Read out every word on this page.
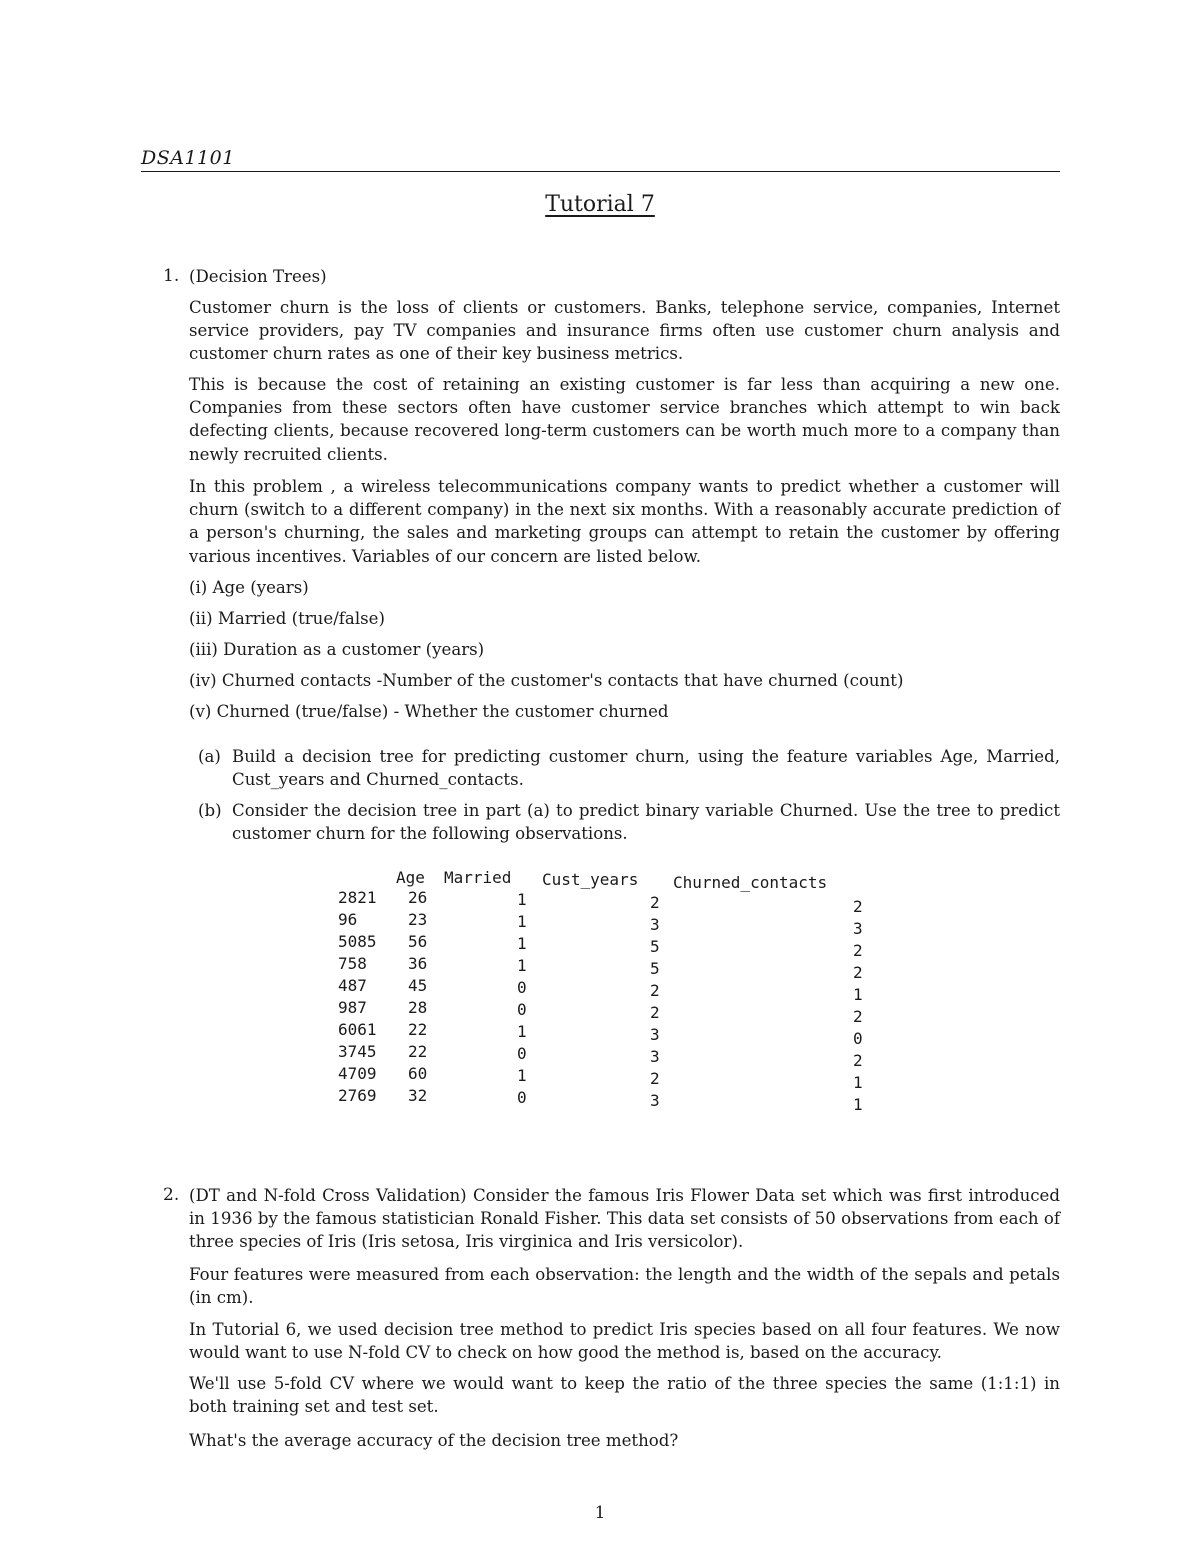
DSA1101
Tutorial 7
1. (Decision Trees)
Customer churn is the loss of clients or customers. Banks, telephone service, companies, Internet service providers, pay TV companies and insurance firms often use customer churn analysis and customer churn rates as one of their key business metrics.
This is because the cost of retaining an existing customer is far less than acquiring a new one. Companies from these sectors often have customer service branches which attempt to win back defecting clients, because recovered long-term customers can be worth much more to a company than newly recruited clients.
In this problem , a wireless telecommunications company wants to predict whether a customer will churn (switch to a different company) in the next six months. With a reasonably accurate prediction of a person's churning, the sales and marketing groups can attempt to retain the customer by offering various incentives. Variables of our concern are listed below.
(i) Age (years)
(ii) Married (true/false)
(iii) Duration as a customer (years)
(iv) Churned contacts -Number of the customer's contacts that have churned (count)
(v) Churned (true/false) - Whether the customer churned
(a) Build a decision tree for predicting customer churn, using the feature variables Age, Married, Cust_years and Churned_contacts.
(b) Consider the decision tree in part (a) to predict binary variable Churned. Use the tree to predict customer churn for the following observations.
Age Married Cust_years Churned_contacts
2821 26	1	2	2
96	23	1	3	3
5085 56	1	5	2
758	36	1	5	2
487	45	0	2	1
987	28	0	2	2
6061 22	1	3	0
3745 22	0	3	2
4709 60	1	2	1
2769 32	0	3	1
2. (DT and N-fold Cross Validation) Consider the famous Iris Flower Data set which was first introduced in 1936 by the famous statistician Ronald Fisher. This data set consists of 50 observations from each of three species of Iris (Iris setosa, Iris virginica and Iris versicolor).
Four features were measured from each observation: the length and the width of the sepals and petals (in cm).
In Tutorial 6, we used decision tree method to predict Iris species based on all four features. We now would want to use N-fold CV to check on how good the method is, based on the accuracy.
We'll use 5-fold CV where we would want to keep the ratio of the three species the same (1:1:1) in both training set and test set.
What's the average accuracy of the decision tree method?
1
